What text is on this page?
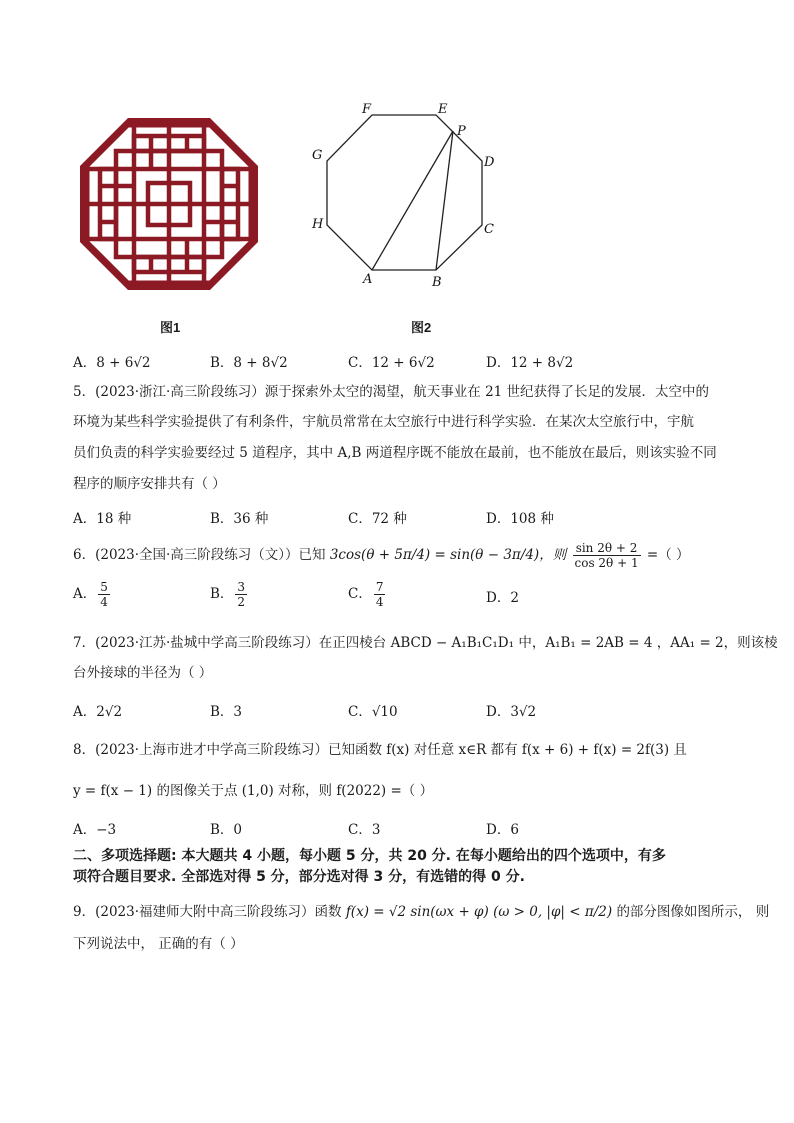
F	E
P
D
C
B
A
H
G
图1	图2
A．8 + 6√2	B．8 + 8√2	C．12 + 6√2	D．12 + 8√2
5．(2023·浙江·高三阶段练习）源于探索外太空的渴望，航天事业在 21 世纪获得了长足的发展．太空中的
环境为某些科学实验提供了有利条件，宇航员常常在太空旅行中进行科学实验．在某次太空旅行中，宇航
员们负责的科学实验要经过 5 道程序，其中 A,B 两道程序既不能放在最前，也不能放在最后，则该实验不同
程序的顺序安排共有（ ）
A．18 种	B．36 种	C．72 种	D．108 种
6．(2023·全国·高三阶段练习（文））已知 3cos(θ + 5π/4) = sin(θ − 3π/4)，则 $\frac{\sin 2\theta + 2}{\cos 2\theta + 1}$ =（ ）
A． $\frac{5}{4}$	B． $\frac{3}{2}$	C． $\frac{7}{4}$	D．2
7．(2023·江苏·盐城中学高三阶段练习）在正四棱台 ABCD − A₁B₁C₁D₁ 中，A₁B₁ = 2AB = 4 ，AA₁ = 2，则该棱
台外接球的半径为（ ）
A．2√2	B．3	C．√10	D．3√2
8．(2023·上海市进才中学高三阶段练习）已知函数 f(x) 对任意 x∈R 都有 f(x + 6) + f(x) = 2f(3) 且
y = f(x − 1) 的图像关于点 (1,0) 对称，则 f(2022) =（ ）
A．−3	B．0	C．3	D．6
二、多项选择题: 本大题共 4 小题，每小题 5 分，共 20 分. 在每小题给出的四个选项中，有多
项符合题目要求. 全部选对得 5 分，部分选对得 3 分，有选错的得 0 分.
9．(2023·福建师大附中高三阶段练习）函数 f(x) = √2 sin(ωx + φ) (ω > 0, |φ| < π/2) 的部分图像如图所示， 则
下列说法中， 正确的有（ ）
